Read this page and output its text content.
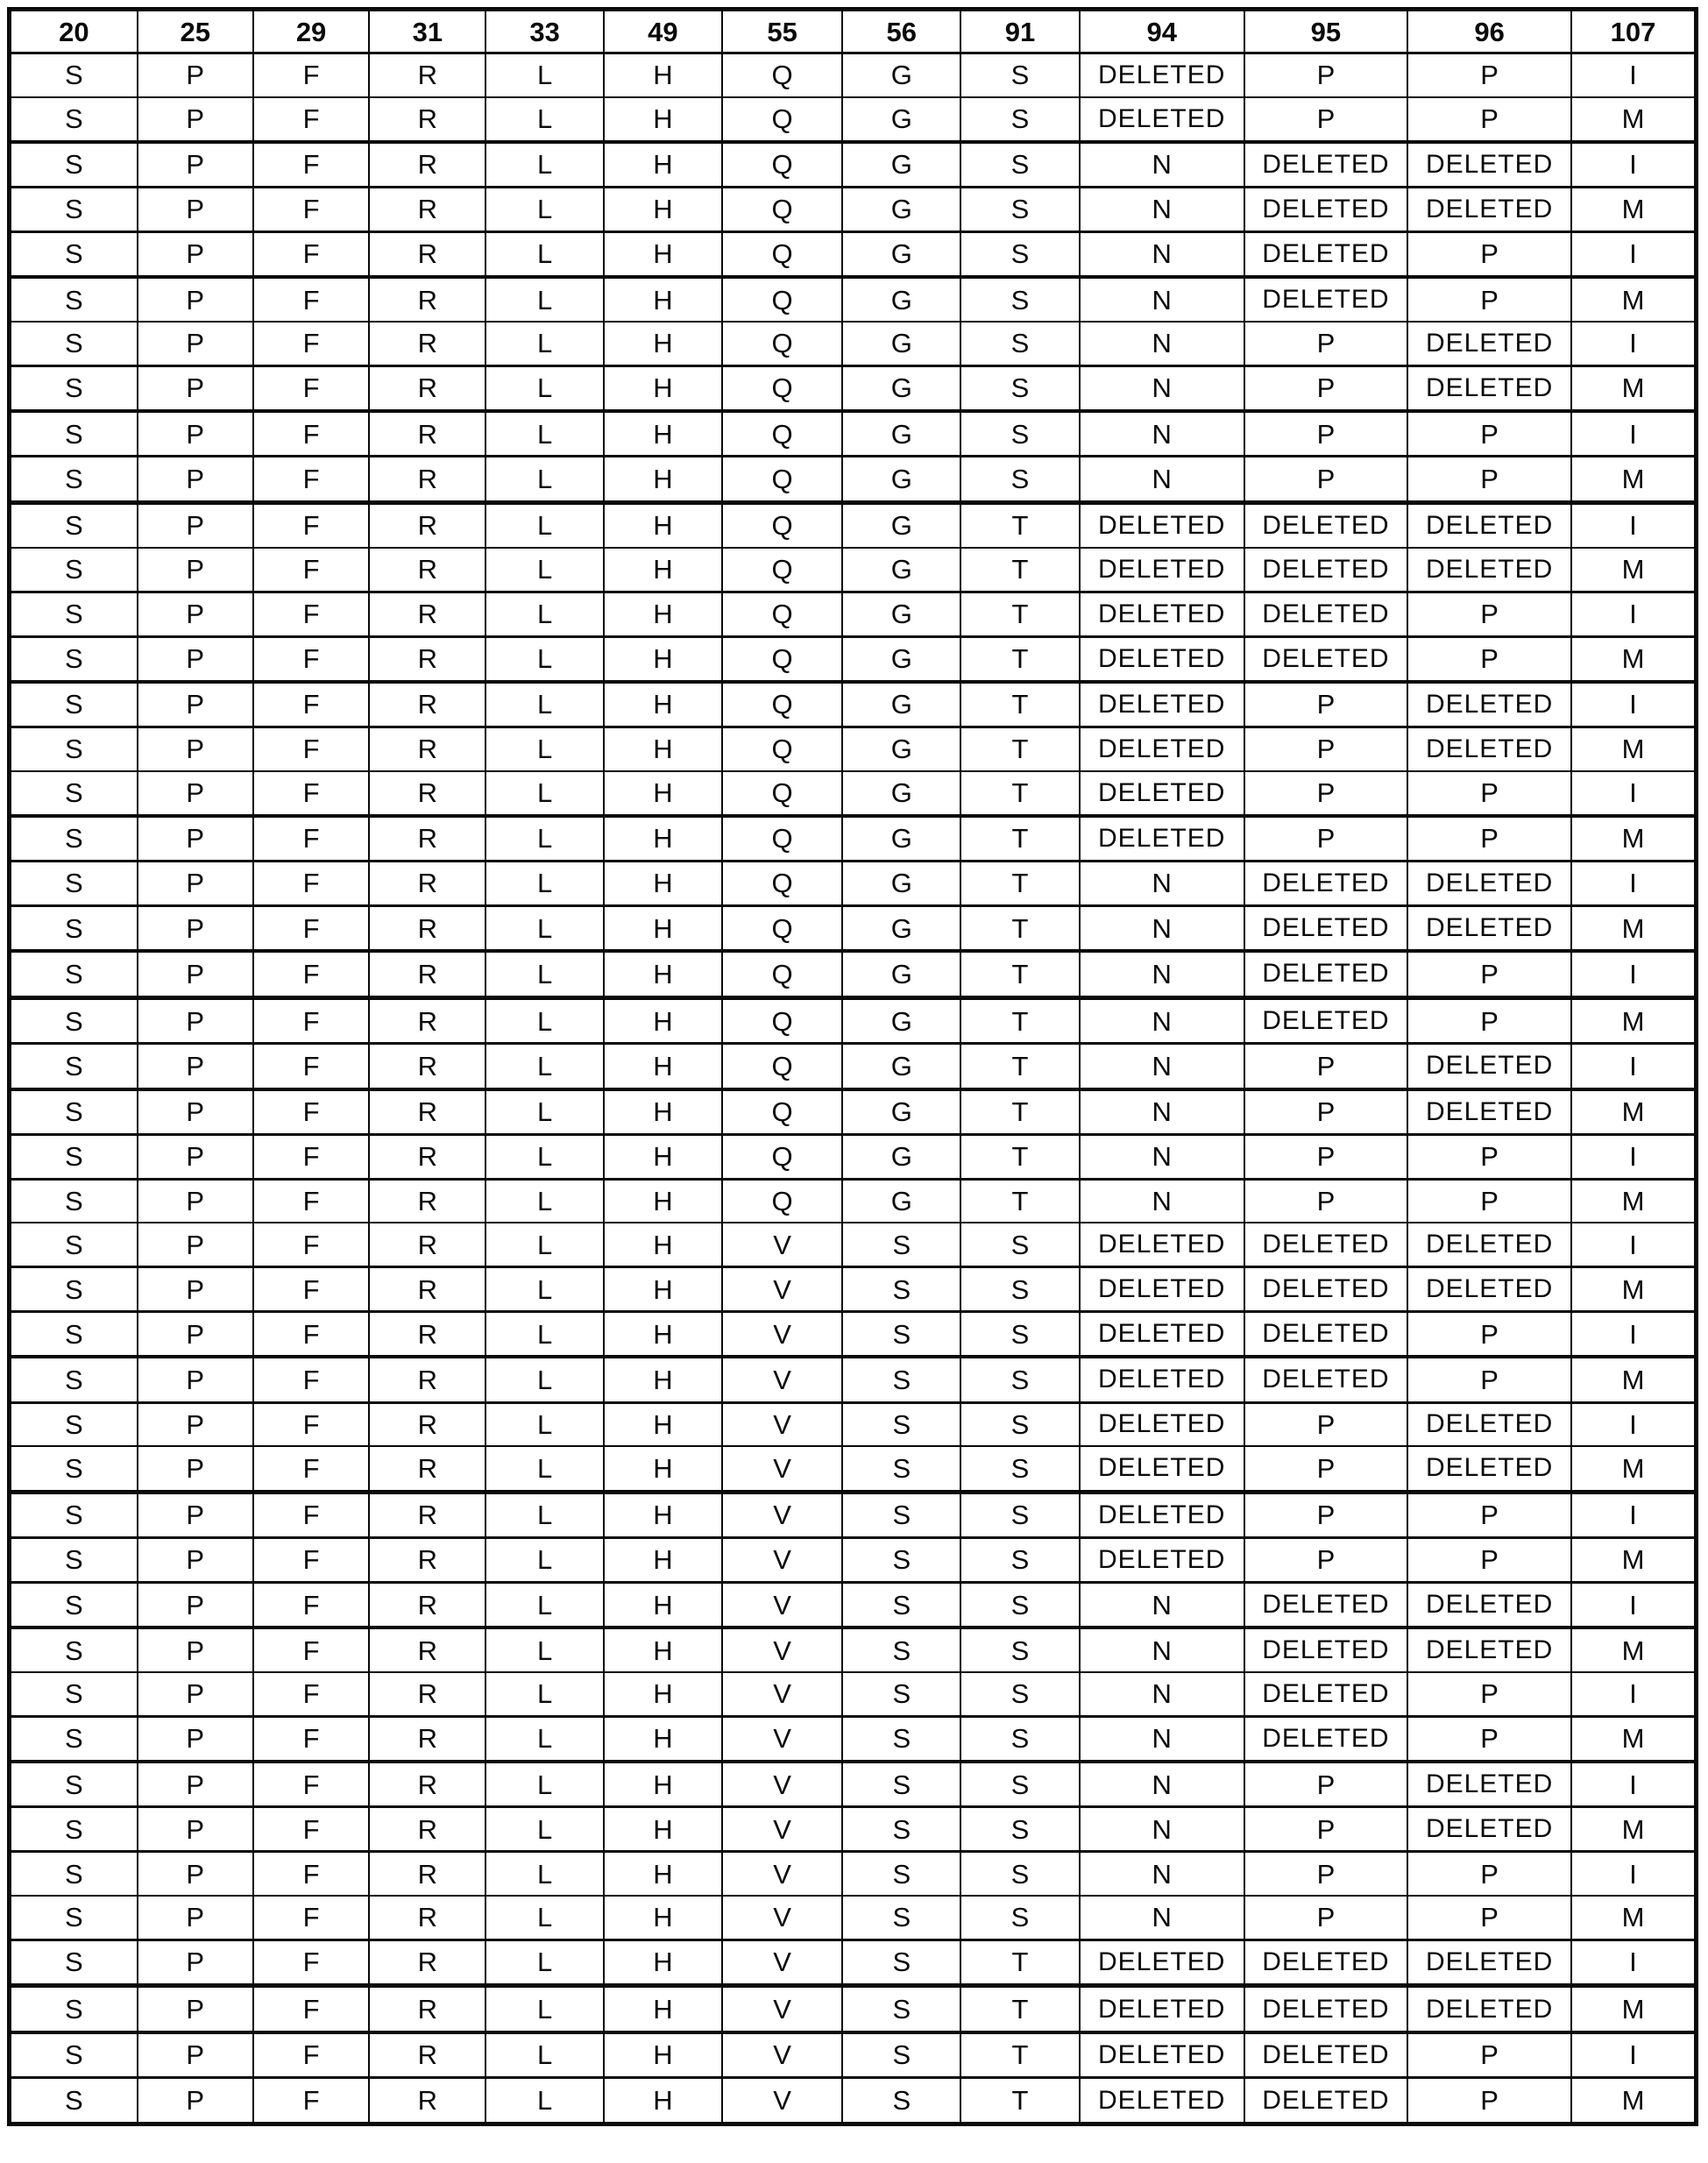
20	25	29	31	33	49	55	56	91	94	95	96	107
S	P	F	R	L	H	Q	G	S	DELETED	P	P	I
S	P	F	R	L	H	Q	G	S	DELETED	P	P	M
S	P	F	R	L	H	Q	G	S	N	DELETED	DELETED	I
S	P	F	R	L	H	Q	G	S	N	DELETED	DELETED	M
S	P	F	R	L	H	Q	G	S	N	DELETED	P	I
S	P	F	R	L	H	Q	G	S	N	DELETED	P	M
S	P	F	R	L	H	Q	G	S	N	P	DELETED	I
S	P	F	R	L	H	Q	G	S	N	P	DELETED	M
S	P	F	R	L	H	Q	G	S	N	P	P	I
S	P	F	R	L	H	Q	G	S	N	P	P	M
S	P	F	R	L	H	Q	G	T	DELETED	DELETED	DELETED	I
S	P	F	R	L	H	Q	G	T	DELETED	DELETED	DELETED	M
S	P	F	R	L	H	Q	G	T	DELETED	DELETED	P	I
S	P	F	R	L	H	Q	G	T	DELETED	DELETED	P	M
S	P	F	R	L	H	Q	G	T	DELETED	P	DELETED	I
S	P	F	R	L	H	Q	G	T	DELETED	P	DELETED	M
S	P	F	R	L	H	Q	G	T	DELETED	P	P	I
S	P	F	R	L	H	Q	G	T	DELETED	P	P	M
S	P	F	R	L	H	Q	G	T	N	DELETED	DELETED	I
S	P	F	R	L	H	Q	G	T	N	DELETED	DELETED	M
S	P	F	R	L	H	Q	G	T	N	DELETED	P	I
S	P	F	R	L	H	Q	G	T	N	DELETED	P	M
S	P	F	R	L	H	Q	G	T	N	P	DELETED	I
S	P	F	R	L	H	Q	G	T	N	P	DELETED	M
S	P	F	R	L	H	Q	G	T	N	P	P	I
S	P	F	R	L	H	Q	G	T	N	P	P	M
S	P	F	R	L	H	V	S	S	DELETED	DELETED	DELETED	I
S	P	F	R	L	H	V	S	S	DELETED	DELETED	DELETED	M
S	P	F	R	L	H	V	S	S	DELETED	DELETED	P	I
S	P	F	R	L	H	V	S	S	DELETED	DELETED	P	M
S	P	F	R	L	H	V	S	S	DELETED	P	DELETED	I
S	P	F	R	L	H	V	S	S	DELETED	P	DELETED	M
S	P	F	R	L	H	V	S	S	DELETED	P	P	I
S	P	F	R	L	H	V	S	S	DELETED	P	P	M
S	P	F	R	L	H	V	S	S	N	DELETED	DELETED	I
S	P	F	R	L	H	V	S	S	N	DELETED	DELETED	M
S	P	F	R	L	H	V	S	S	N	DELETED	P	I
S	P	F	R	L	H	V	S	S	N	DELETED	P	M
S	P	F	R	L	H	V	S	S	N	P	DELETED	I
S	P	F	R	L	H	V	S	S	N	P	DELETED	M
S	P	F	R	L	H	V	S	S	N	P	P	I
S	P	F	R	L	H	V	S	S	N	P	P	M
S	P	F	R	L	H	V	S	T	DELETED	DELETED	DELETED	I
S	P	F	R	L	H	V	S	T	DELETED	DELETED	DELETED	M
S	P	F	R	L	H	V	S	T	DELETED	DELETED	P	I
S	P	F	R	L	H	V	S	T	DELETED	DELETED	P	M
